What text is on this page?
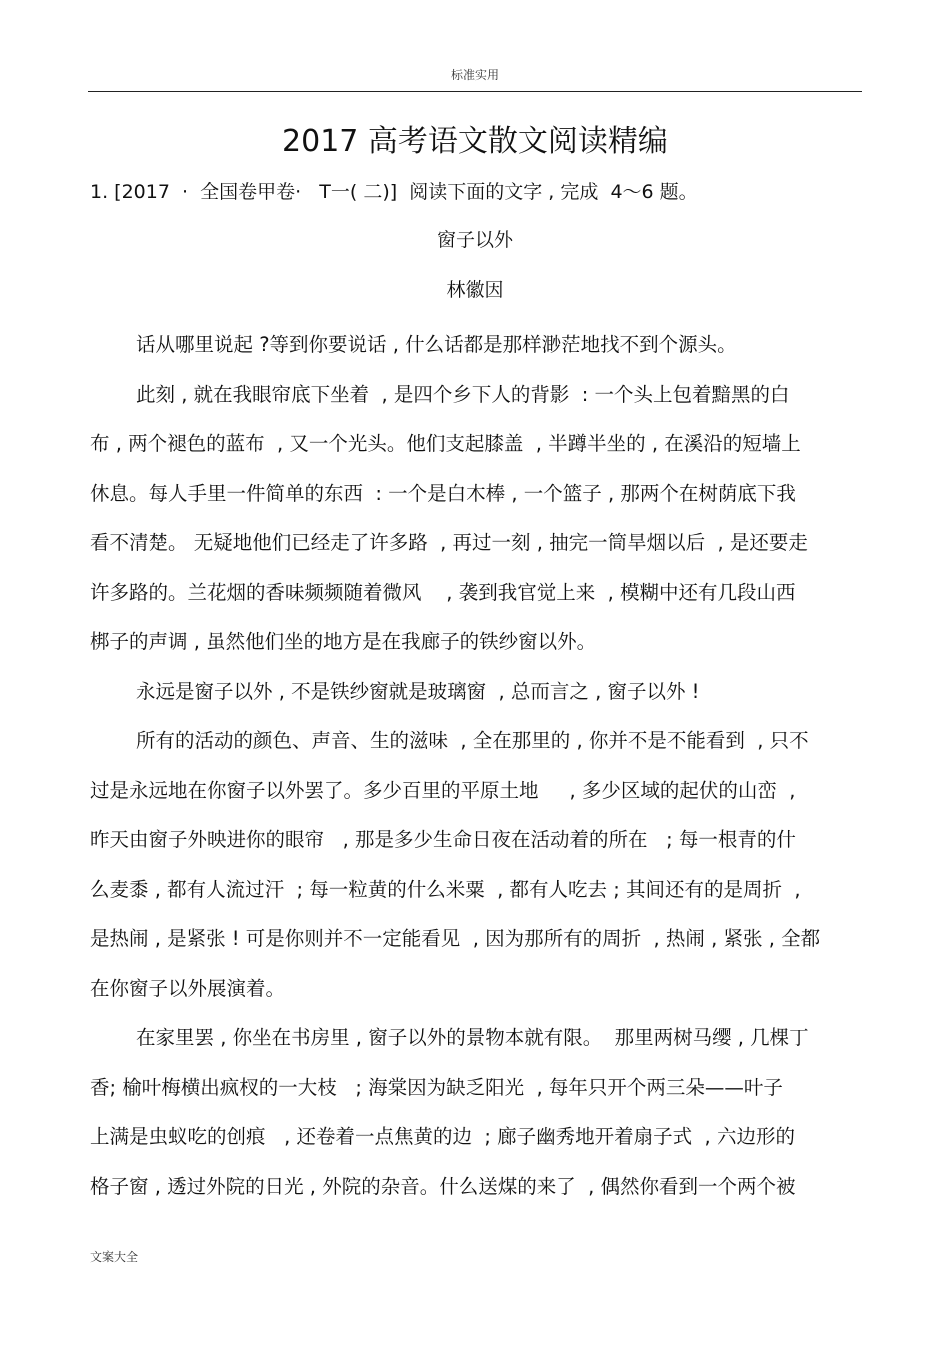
标准实用
2017 高考语文散文阅读精编
1. [2017  ·  全国卷甲卷·   T一( 二)]  阅读下面的文字 , 完成  4～6 题。
窗子以外
林徽因
话从哪里说起 ?等到你要说话 , 什么话都是那样渺茫地找不到个源头。
此刻 , 就在我眼帘底下坐着  , 是四个乡下人的背影  : 一个头上包着黯黑的白
布 , 两个褪色的蓝布  , 又一个光头。他们支起膝盖  , 半蹲半坐的 , 在溪沿的短墙上
休息。每人手里一件简单的东西  : 一个是白木棒 , 一个篮子 , 那两个在树荫底下我
看不清楚。 无疑地他们已经走了许多路  , 再过一刻 , 抽完一筒旱烟以后  , 是还要走
许多路的。兰花烟的香味频频随着微风    , 袭到我官觉上来  , 模糊中还有几段山西
梆子的声调 , 虽然他们坐的地方是在我廊子的铁纱窗以外。
永远是窗子以外 , 不是铁纱窗就是玻璃窗  , 总而言之 , 窗子以外 !
所有的活动的颜色、声音、生的滋味  , 全在那里的 , 你并不是不能看到  , 只不
过是永远地在你窗子以外罢了。多少百里的平原土地     , 多少区域的起伏的山峦  ,
昨天由窗子外映进你的眼帘   , 那是多少生命日夜在活动着的所在   ; 每一根青的什
么麦黍 , 都有人流过汗  ; 每一粒黄的什么米粟  , 都有人吃去 ; 其间还有的是周折  ,
是热闹 , 是紧张 ! 可是你则并不一定能看见  , 因为那所有的周折  , 热闹 , 紧张 , 全都
在你窗子以外展演着。
在家里罢 , 你坐在书房里 , 窗子以外的景物本就有限。  那里两树马缨 , 几棵丁
香; 榆叶梅横出疯杈的一大枝   ; 海棠因为缺乏阳光  , 每年只开个两三朵——叶子
上满是虫蚁吃的创痕   , 还卷着一点焦黄的边  ; 廊子幽秀地开着扇子式  , 六边形的
格子窗 , 透过外院的日光 , 外院的杂音。什么送煤的来了  , 偶然你看到一个两个被
文案大全
